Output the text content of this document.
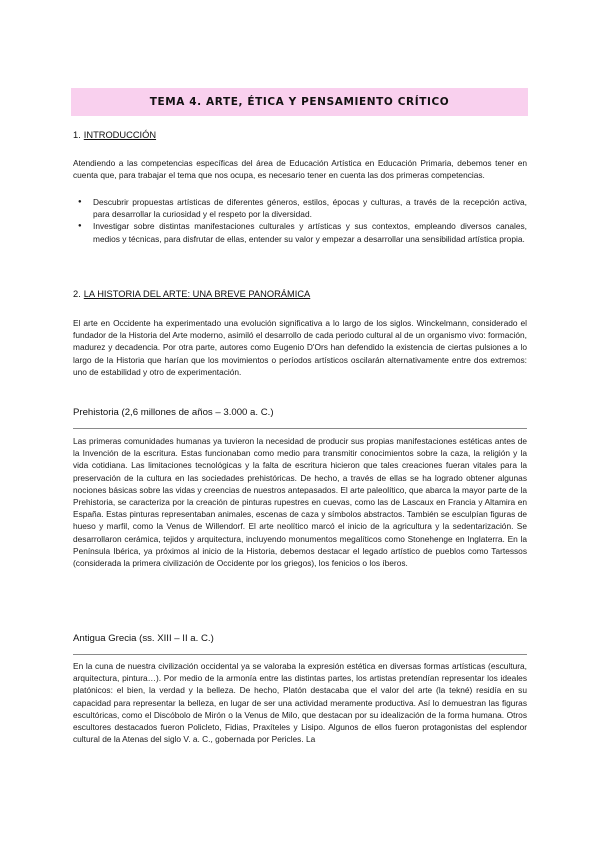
TEMA 4. ARTE, ÉTICA Y PENSAMIENTO CRÍTICO
1. INTRODUCCIÓN

Atendiendo a las competencias específicas del área de Educación Artística en Educación Primaria, debemos tener en cuenta que, para trabajar el tema que nos ocupa, es necesario tener en cuenta las dos primeras competencias.

● Descubrir propuestas artísticas de diferentes géneros, estilos, épocas y culturas, a través de la recepción activa, para desarrollar la curiosidad y el respeto por la diversidad.
● Investigar sobre distintas manifestaciones culturales y artísticas y sus contextos, empleando diversos canales, medios y técnicas, para disfrutar de ellas, entender su valor y empezar a desarrollar una sensibilidad artística propia.
2. LA HISTORIA DEL ARTE: UNA BREVE PANORÁMICA

El arte en Occidente ha experimentado una evolución significativa a lo largo de los siglos. Winckelmann, considerado el fundador de la Historia del Arte moderno, asimiló el desarrollo de cada periodo cultural al de un organismo vivo: formación, madurez y decadencia. Por otra parte, autores como Eugenio D'Ors han defendido la existencia de ciertas pulsiones a lo largo de la Historia que harían que los movimientos o períodos artísticos oscilarán alternativamente entre dos extremos: uno de estabilidad y otro de experimentación.

Prehistoria (2,6 millones de años – 3.000 a. C.)

Las primeras comunidades humanas ya tuvieron la necesidad de producir sus propias manifestaciones estéticas antes de la Invención de la escritura. Estas funcionaban como medio para transmitir conocimientos sobre la caza, la religión y la vida cotidiana. Las limitaciones tecnológicas y la falta de escritura hicieron que tales creaciones fueran vitales para la preservación de la cultura en las sociedades prehistóricas. De hecho, a través de ellas se ha logrado obtener algunas nociones básicas sobre las vidas y creencias de nuestros antepasados. El arte paleolítico, que abarca la mayor parte de la Prehistoria, se caracteriza por la creación de pinturas rupestres en cuevas, como las de Lascaux en Francia y Altamira en España. Estas pinturas representaban animales, escenas de caza y símbolos abstractos. También se esculpían figuras de hueso y marfil, como la Venus de Willendorf. El arte neolítico marcó el inicio de la agricultura y la sedentarización. Se desarrollaron cerámica, tejidos y arquitectura, incluyendo monumentos megalíticos como Stonehenge en Inglaterra. En la Península Ibérica, ya próximos al inicio de la Historia, debemos destacar el legado artístico de pueblos como Tartessos (considerada la primera civilización de Occidente por los griegos), los fenicios o los íberos.

Antigua Grecia (ss. XIII – II a. C.)

En la cuna de nuestra civilización occidental ya se valoraba la expresión estética en diversas formas artísticas (escultura, arquitectura, pintura…). Por medio de la armonía entre las distintas partes, los artistas pretendían representar los ideales platónicos: el bien, la verdad y la belleza. De hecho, Platón destacaba que el valor del arte (la tekné) residía en su capacidad para representar la belleza, en lugar de ser una actividad meramente productiva. Así lo demuestran las figuras escultóricas, como el Discóbolo de Mirón o la Venus de Milo, que destacan por su idealización de la forma humana. Otros escultores destacados fueron Policleto, Fidias, Praxíteles y Lisipo. Algunos de ellos fueron protagonistas del esplendor cultural de la Atenas del siglo V. a. C., gobernada por Pericles. La
